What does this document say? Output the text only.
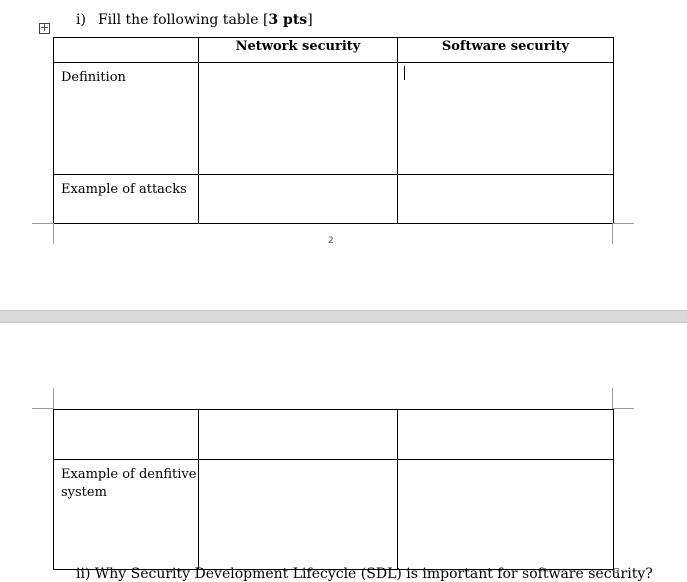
+ i) Fill the following table [3 pts]
	Network security	Software security
Definition		
Example of attacks		
2

Example of denfitive system		
ii) Why Security Development Lifecycle (SDL) is important for software security?
